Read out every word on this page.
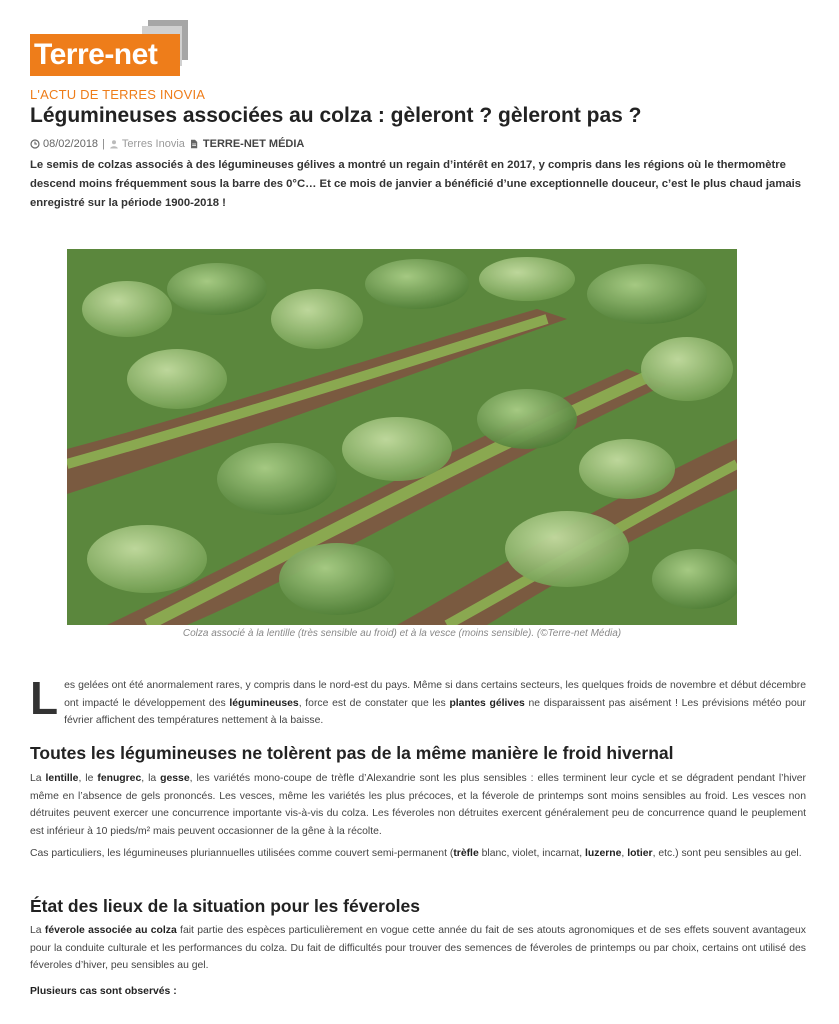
Terre-net
L'ACTU DE TERRES INOVIA
Légumineuses associées au colza : gèleront ? gèleront pas ?
08/02/2018 | Terres Inovia TERRE-NET MÉDIA

Le semis de colzas associés à des légumineuses gélives a montré un regain d’intérêt en 2017, y compris dans les régions où le thermomètre descend moins fréquemment sous la barre des 0°C… Et ce mois de janvier a bénéficié d’une exceptionnelle douceur, c’est le plus chaud jamais enregistré sur la période 1900-2018 !

Colza associé à la lentille (très sensible au froid) et à la vesce (moins sensible). (©Terre-net Média)

Les gelées ont été anormalement rares, y compris dans le nord-est du pays. Même si dans certains secteurs, les quelques froids de novembre et début décembre ont impacté le développement des légumineuses, force est de constater que les plantes gélives ne disparaissent pas aisément ! Les prévisions météo pour février affichent des températures nettement à la baisse.

Toutes les légumineuses ne tolèrent pas de la même manière le froid hivernal

La lentille, le fenugrec, la gesse, les variétés mono-coupe de trèfle d’Alexandrie sont les plus sensibles : elles terminent leur cycle et se dégradent pendant l’hiver même en l’absence de gels prononcés. Les vesces, même les variétés les plus précoces, et la féverole de printemps sont moins sensibles au froid. Les vesces non détruites peuvent exercer une concurrence importante vis-à-vis du colza. Les féveroles non détruites exercent généralement peu de concurrence quand le peuplement est inférieur à 10 pieds/m² mais peuvent occasionner de la gêne à la récolte.

Cas particuliers, les légumineuses pluriannuelles utilisées comme couvert semi-permanent (trèfle blanc, violet, incarnat, luzerne, lotier, etc.) sont peu sensibles au gel.

État des lieux de la situation pour les féveroles

La féverole associée au colza fait partie des espèces particulièrement en vogue cette année du fait de ses atouts agronomiques et de ses effets souvent avantageux pour la conduite culturale et les performances du colza. Du fait de difficultés pour trouver des semences de féveroles de printemps ou par choix, certains ont utilisé des féveroles d’hiver, peu sensibles au gel.

Plusieurs cas sont observés :
